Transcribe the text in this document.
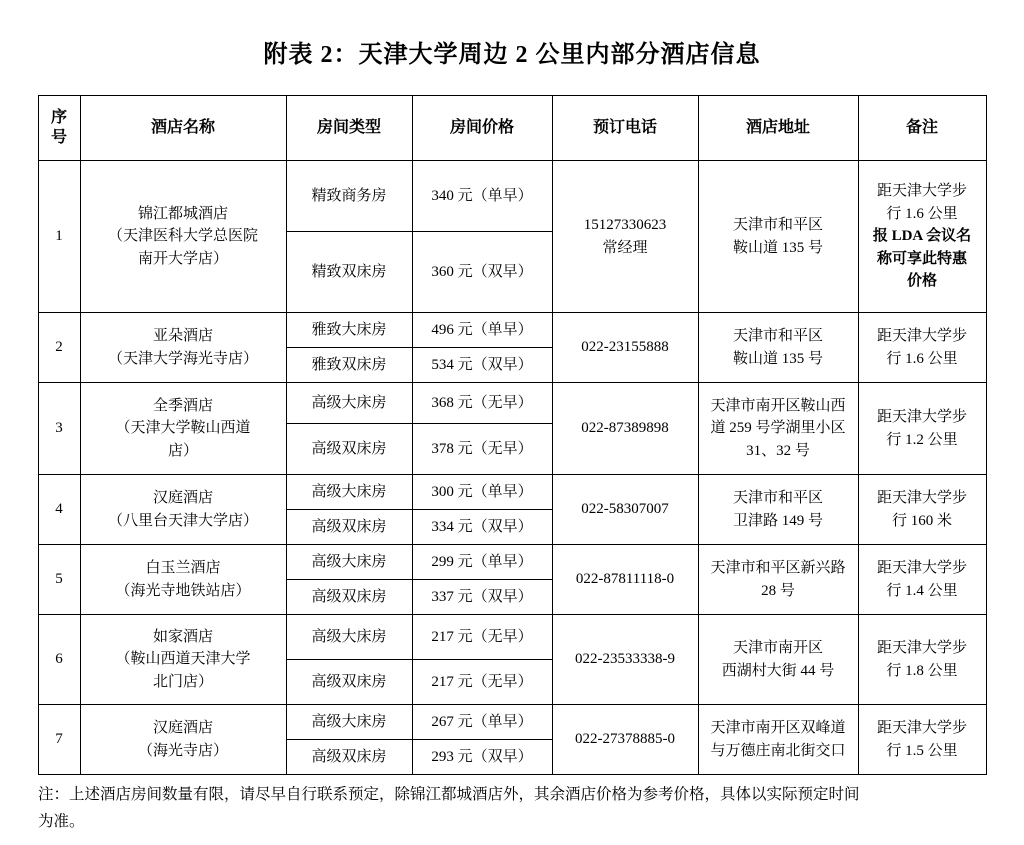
附表 2：天津大学周边 2 公里内部分酒店信息
序
号	酒店名称	房间类型	房间价格	预订电话	酒店地址	备注

1	锦江都城酒店
（天津医科大学总医院
南开大学店）	精致商务房	340 元（单早）	15127330623
常经理	天津市和平区
鞍山道 135 号	距天津大学步
行 1.6 公里
报 LDA 会议名
称可享此特惠
价格

		精致双床房	360 元（双早）			

2	亚朵酒店
（天津大学海光寺店）	雅致大床房	496 元（单早）	022-23155888	天津市和平区
鞍山道 135 号	距天津大学步
行 1.6 公里

		雅致双床房	534 元（双早）			

3	全季酒店
（天津大学鞍山西道
店）	高级大床房	368 元（无早）	022-87389898	天津市南开区鞍山西
道 259 号学湖里小区
31、32 号	距天津大学步
行 1.2 公里

		高级双床房	378 元（无早）			

4	汉庭酒店
（八里台天津大学店）	高级大床房	300 元（单早）	022-58307007	天津市和平区
卫津路 149 号	距天津大学步
行 160 米

		高级双床房	334 元（双早）			

5	白玉兰酒店
（海光寺地铁站店）	高级大床房	299 元（单早）	022-87811118-0	天津市和平区新兴路
28 号	距天津大学步
行 1.4 公里

		高级双床房	337 元（双早）			

6	如家酒店
（鞍山西道天津大学
北门店）	高级大床房	217 元（无早）	022-23533338-9	天津市南开区
西湖村大街 44 号	距天津大学步
行 1.8 公里

		高级双床房	217 元（无早）			

7	汉庭酒店
（海光寺店）	高级大床房	267 元（单早）	022-27378885-0	天津市南开区双峰道
与万德庄南北街交口	距天津大学步
行 1.5 公里

		高级双床房	293 元（双早）			
注：上述酒店房间数量有限，请尽早自行联系预定，除锦江都城酒店外，其余酒店价格为参考价格，具体以实际预定时间
为准。
